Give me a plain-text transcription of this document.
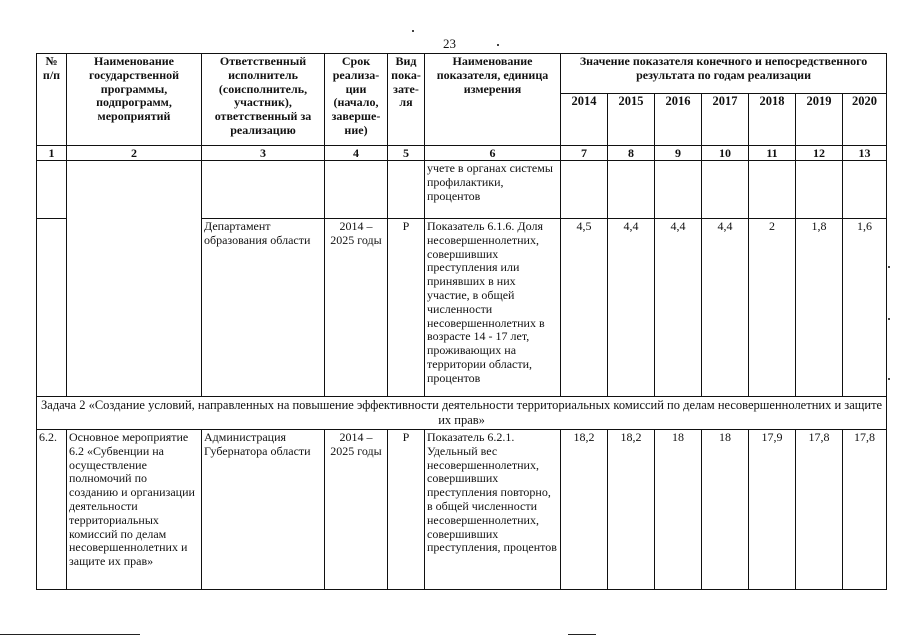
23
№ п/п	Наименование государственной программы, подпрограмм, мероприятий	Ответственный исполнитель (соисполнитель, участник), ответственный за реализацию	Срок реализа-ции (начало, заверше-ние)	Вид пока-зате-ля	Наименование показателя, единица измерения	Значение показателя конечного и непосредственного результата по годам реализации						
						2014	2015	2016	2017	2018	2019	2020
1	2	3	4	5	6	7	8	9	10	11	12	13
					учете в органах системы профилактики, процентов							
		Департамент образования области	2014 – 2025 годы	Р	Показатель 6.1.6. Доля несовершеннолетних, совершивших преступления или принявших в них участие, в общей численности несовершеннолетних в возрасте 14 - 17 лет, проживающих на территории области, процентов	4,5	4,4	4,4	4,4	2	1,8	1,6
Задача 2 «Создание условий, направленных на повышение эффективности деятельности территориальных комиссий по делам несовершеннолетних и защите их прав»												
6.2.	Основное мероприятие 6.2 «Субвенции на осуществление полномочий по созданию и организации деятельности территориальных комиссий по делам несовершеннолетних и защите их прав»	Администрация Губернатора области	2014 – 2025 годы	Р	Показатель 6.2.1. Удельный вес несовершеннолетних, совершивших преступления повторно, в общей численности несовершеннолетних, совершивших преступления, процентов	18,2	18,2	18	18	17,9	17,8	17,8
